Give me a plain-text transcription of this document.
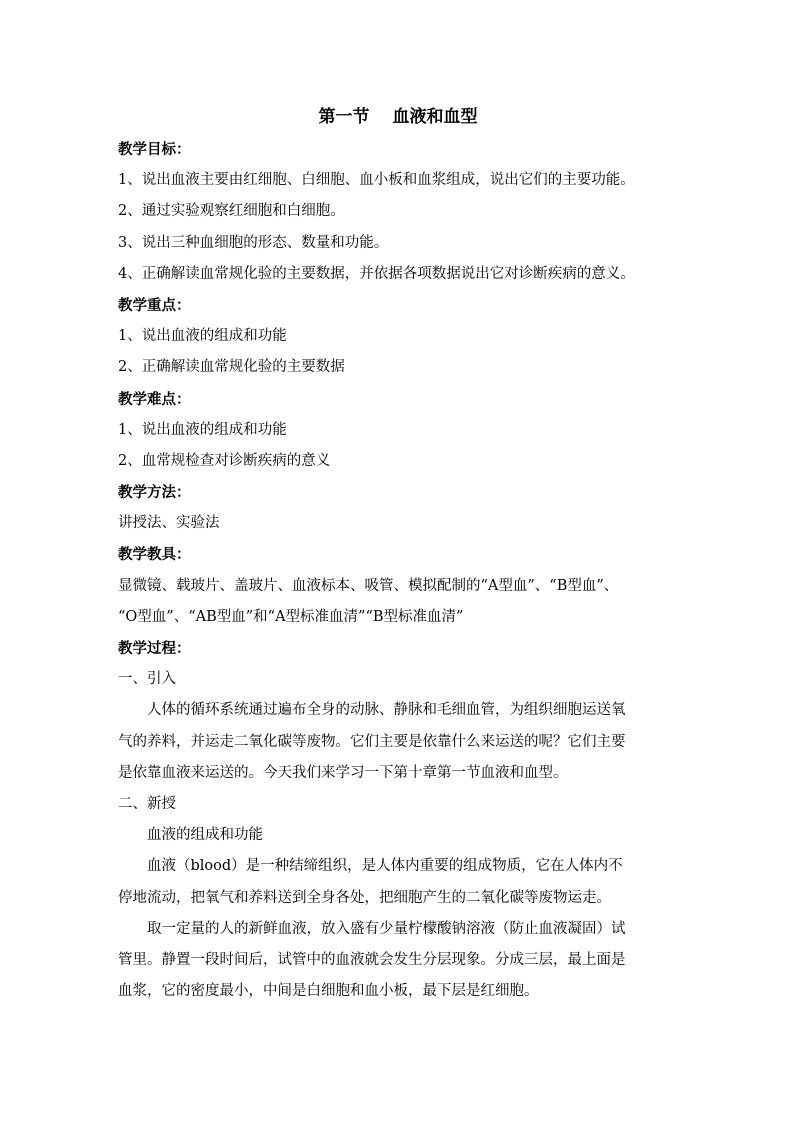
第一节　 血液和血型
教学目标：
1、说出血液主要由红细胞、白细胞、血小板和血浆组成，说出它们的主要功能。
2、通过实验观察红细胞和白细胞。
3、说出三种血细胞的形态、数量和功能。
4、正确解读血常规化验的主要数据，并依据各项数据说出它对诊断疾病的意义。
教学重点：
1、说出血液的组成和功能
2、正确解读血常规化验的主要数据
教学难点：
1、说出血液的组成和功能
2、血常规检查对诊断疾病的意义
教学方法：
讲授法、实验法
教学教具：
显微镜、载玻片、盖玻片、血液标本、吸管、模拟配制的“A型血”、“B型血”、
“O型血”、“AB型血”和“A型标准血清”“B型标准血清”
教学过程：
一、引入
人体的循环系统通过遍布全身的动脉、静脉和毛细血管，为组织细胞运送氧
气的养料，并运走二氧化碳等废物。它们主要是依靠什么来运送的呢？它们主要
是依靠血液来运送的。今天我们来学习一下第十章第一节血液和血型。
二、新授
血液的组成和功能
血液（blood）是一种结缔组织，是人体内重要的组成物质，它在人体内不
停地流动，把氧气和养料送到全身各处，把细胞产生的二氧化碳等废物运走。
取一定量的人的新鲜血液，放入盛有少量柠檬酸钠溶液（防止血液凝固）试
管里。静置一段时间后，试管中的血液就会发生分层现象。分成三层，最上面是
血浆，它的密度最小，中间是白细胞和血小板，最下层是红细胞。
